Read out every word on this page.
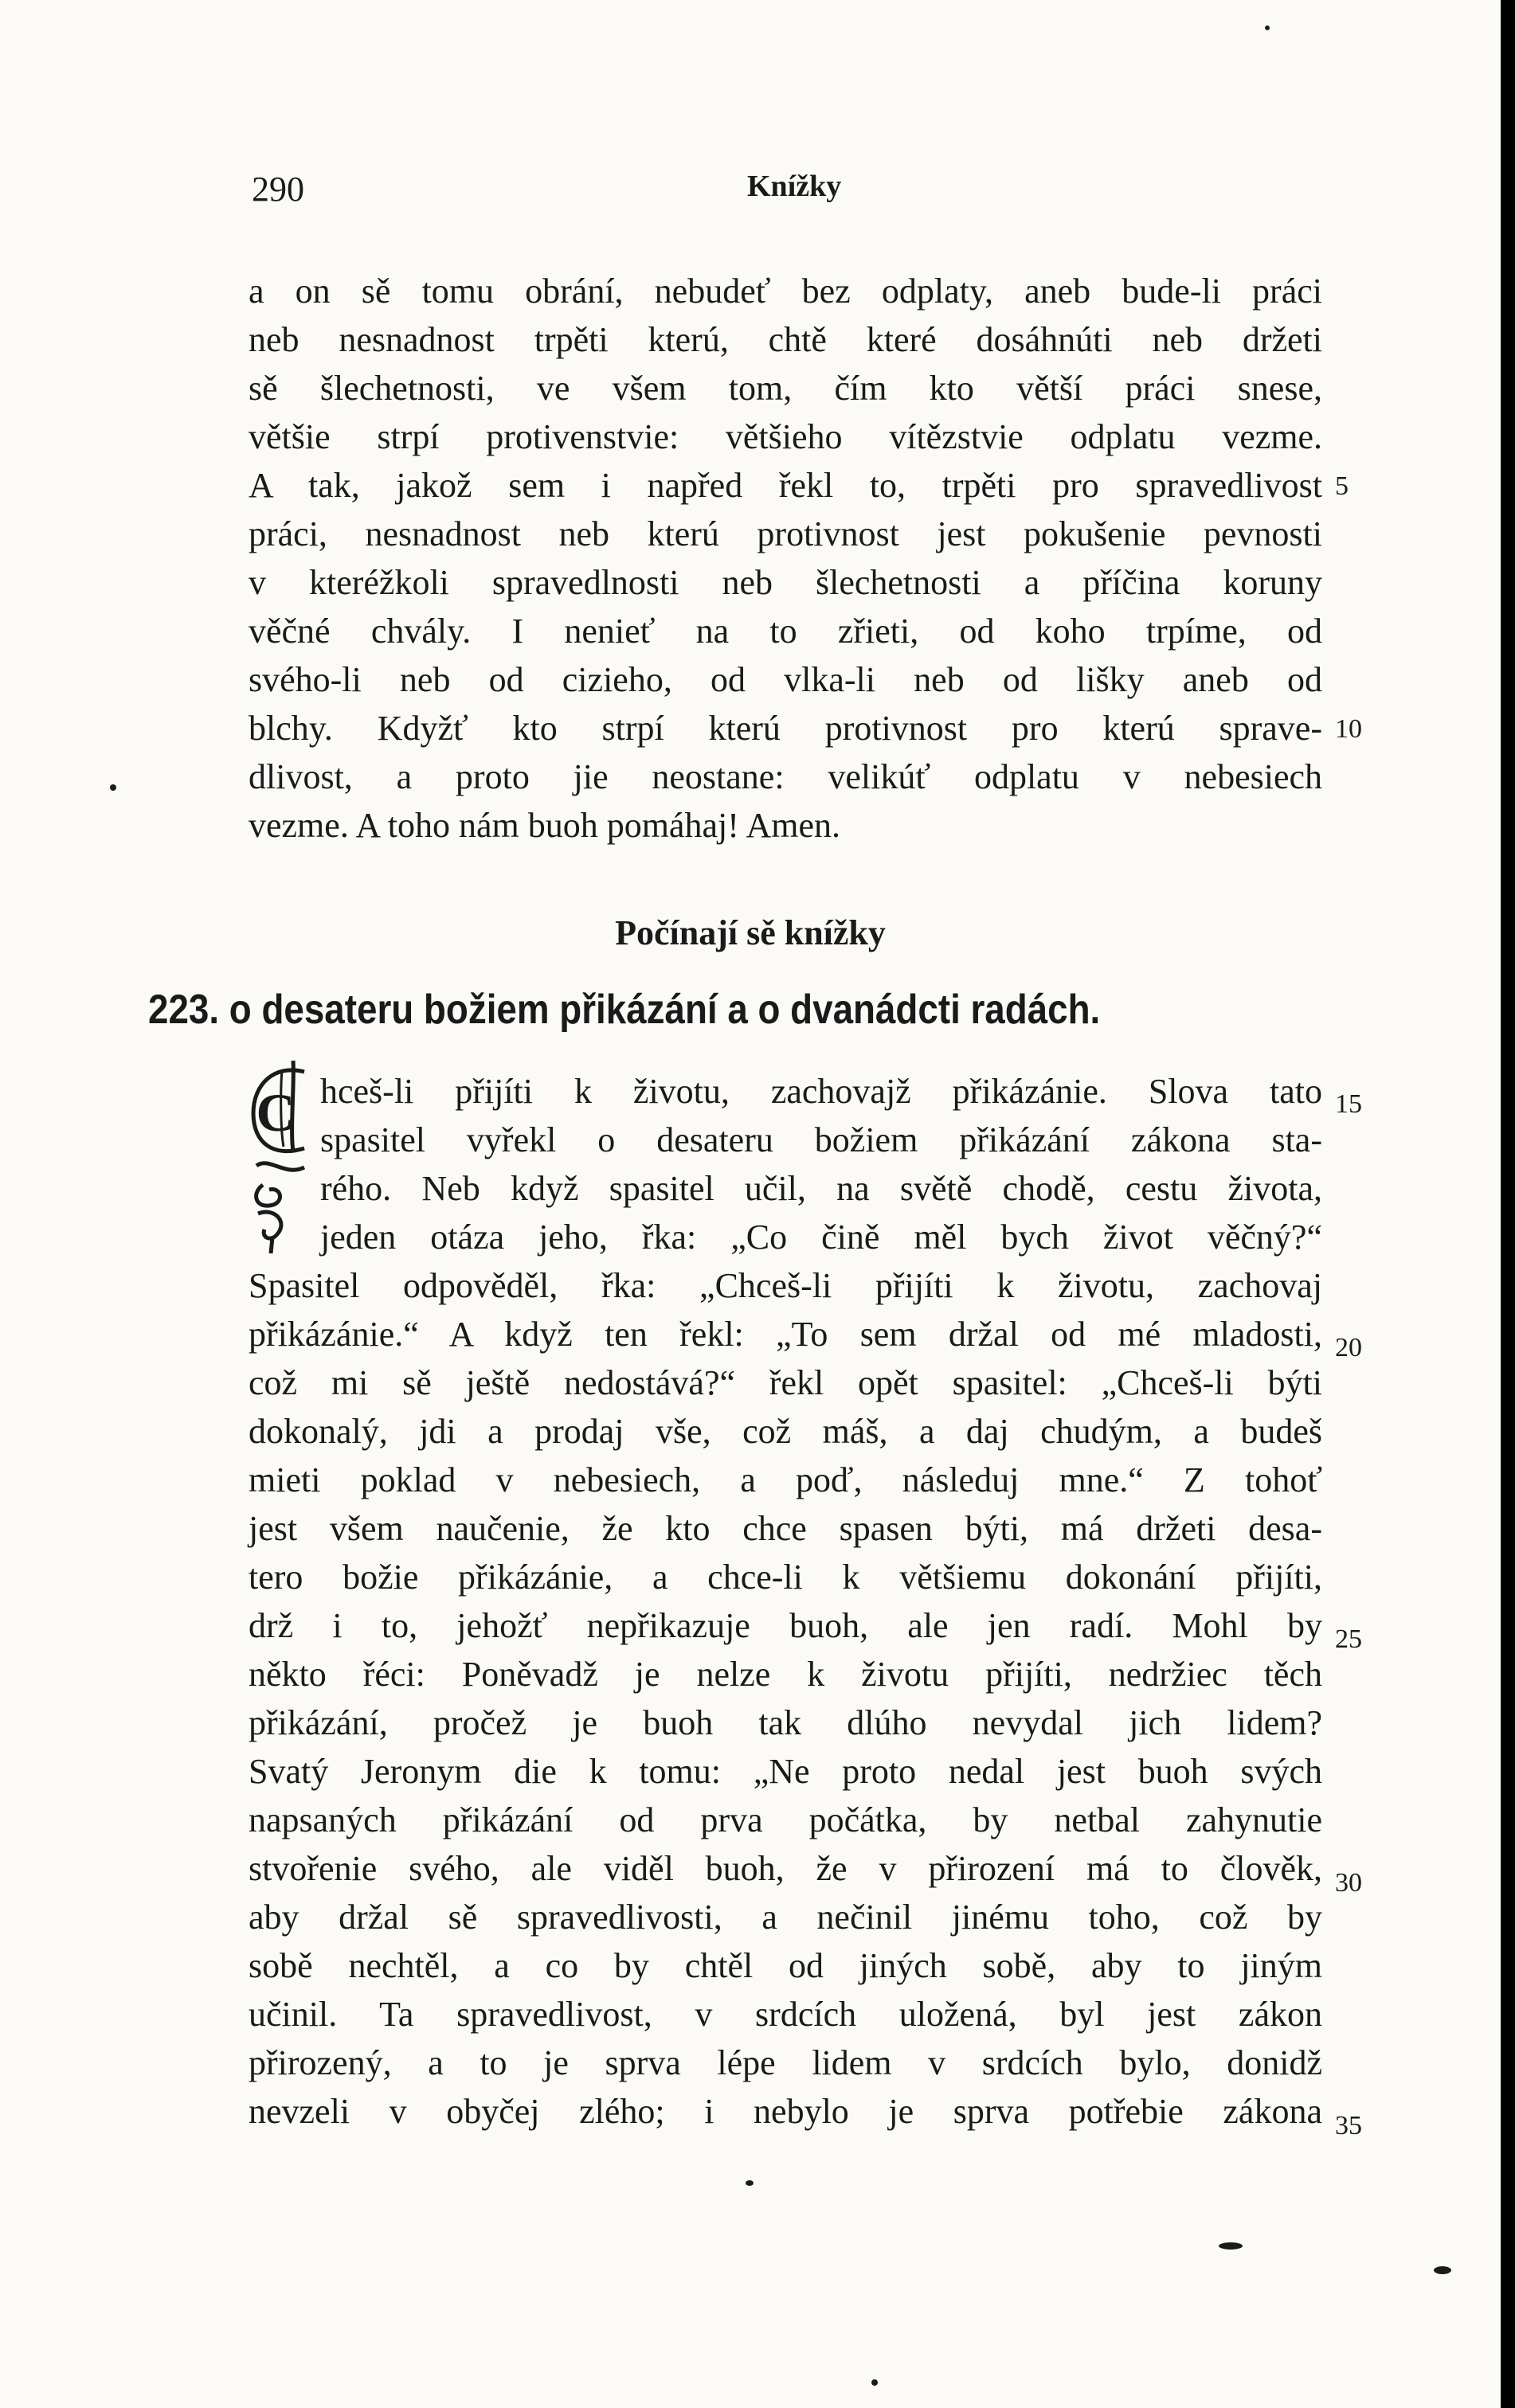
290	Knížky
a on sě tomu obrání, nebudeť bez odplaty, aneb bude-li práci
neb nesnadnost trpěti kterú, chtě které dosáhnúti neb držeti
sě šlechetnosti, ve všem tom, čím kto větší práci snese,
většie strpí protivenstvie: většieho vítězstvie odplatu vezme.
A tak, jakož sem i napřed řekl to, trpěti pro spravedlivost
práci, nesnadnost neb kterú protivnost jest pokušenie pevnosti
v kteréžkoli spravedlnosti neb šlechetnosti a příčina koruny
věčné chvály. I nenieť na to zřieti, od koho trpíme, od
svého-li neb od cizieho, od vlka-li neb od lišky aneb od
blchy. Kdyžť kto strpí kterú protivnost pro kterú sprave-
dlivost, a proto jie neostane: velikúť odplatu v nebesiech
vezme. A toho nám buoh pomáhaj! Amen.
5
10
Počínají sě knížky
223. o desateru božiem přikázání a o dvanádcti radách.
C hceš-li přijíti k životu, zachovajž přikázánie. Slova tato
spasitel vyřekl o desateru božiem přikázání zákona sta-
rého. Neb když spasitel učil, na světě chodě, cestu života,
jeden otáza jeho, řka: „Co čině měl bych život věčný?“
Spasitel odpověděl, řka: „Chceš-li přijíti k životu, zachovaj
přikázánie.“ A když ten řekl: „To sem držal od mé mladosti,
což mi sě ještě nedostává?“ řekl opět spasitel: „Chceš-li býti
dokonalý, jdi a prodaj vše, což máš, a daj chudým, a budeš
mieti poklad v nebesiech, a poď, následuj mne.“ Z tohoť
jest všem naučenie, že kto chce spasen býti, má držeti desa-
tero božie přikázánie, a chce-li k většiemu dokonání přijíti,
drž i to, jehožť nepřikazuje buoh, ale jen radí. Mohl by
někto řéci: Poněvadž je nelze k životu přijíti, nedržiec těch
přikázání, pročež je buoh tak dlúho nevydal jich lidem?
Svatý Jeronym die k tomu: „Ne proto nedal jest buoh svých
napsaných přikázání od prva počátka, by netbal zahynutie
stvořenie svého, ale viděl buoh, že v přirození má to člověk,
aby držal sě spravedlivosti, a nečinil jinému toho, což by
sobě nechtěl, a co by chtěl od jiných sobě, aby to jiným
učinil. Ta spravedlivost, v srdcích uložená, byl jest zákon
přirozený, a to je sprva lépe lidem v srdcích bylo, donidž
nevzeli v obyčej zlého; i nebylo je sprva potřebie zákona
15
20
25
30
35
